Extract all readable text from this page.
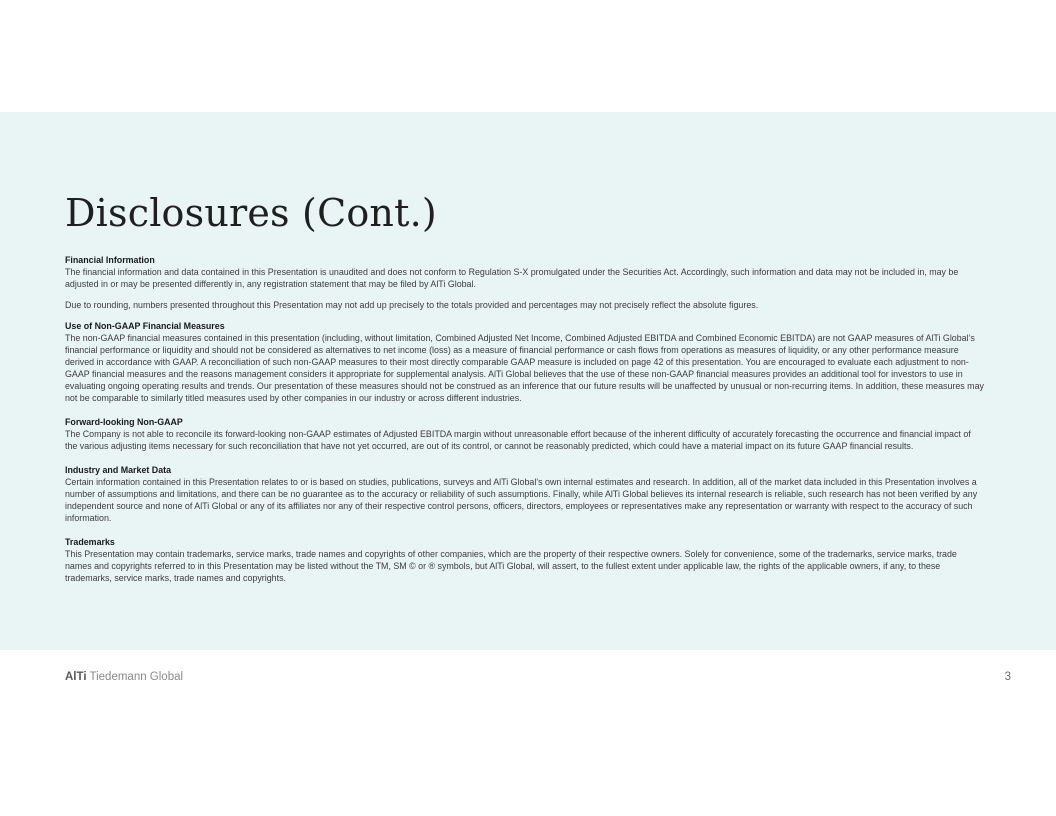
Disclosures (Cont.)

Financial Information

The financial information and data contained in this Presentation is unaudited and does not conform to Regulation S-X promulgated under the Securities Act. Accordingly, such information and data may not be included in, may be adjusted in or may be presented differently in, any registration statement that may be filed by AlTi Global.

Due to rounding, numbers presented throughout this Presentation may not add up precisely to the totals provided and percentages may not precisely reflect the absolute figures.

Use of Non-GAAP Financial Measures

The non-GAAP financial measures contained in this presentation (including, without limitation, Combined Adjusted Net Income, Combined Adjusted EBITDA and Combined Economic EBITDA) are not GAAP measures of AlTi Global’s financial performance or liquidity and should not be considered as alternatives to net income (loss) as a measure of financial performance or cash flows from operations as measures of liquidity, or any other performance measure derived in accordance with GAAP. A reconciliation of such non-GAAP measures to their most directly comparable GAAP measure is included on page 42 of this presentation. You are encouraged to evaluate each adjustment to non-GAAP financial measures and the reasons management considers it appropriate for supplemental analysis. AlTi Global believes that the use of these non-GAAP financial measures provides an additional tool for investors to use in evaluating ongoing operating results and trends. Our presentation of these measures should not be construed as an inference that our future results will be unaffected by unusual or non-recurring items. In addition, these measures may not be comparable to similarly titled measures used by other companies in our industry or across different industries.

Forward-looking Non-GAAP

The Company is not able to reconcile its forward-looking non-GAAP estimates of Adjusted EBITDA margin without unreasonable effort because of the inherent difficulty of accurately forecasting the occurrence and financial impact of the various adjusting items necessary for such reconciliation that have not yet occurred, are out of its control, or cannot be reasonably predicted, which could have a material impact on its future GAAP financial results.

Industry and Market Data

Certain information contained in this Presentation relates to or is based on studies, publications, surveys and AlTi Global’s own internal estimates and research. In addition, all of the market data included in this Presentation involves a number of assumptions and limitations, and there can be no guarantee as to the accuracy or reliability of such assumptions. Finally, while AlTi Global believes its internal research is reliable, such research has not been verified by any independent source and none of AlTi Global or any of its affiliates nor any of their respective control persons, officers, directors, employees or representatives make any representation or warranty with respect to the accuracy of such information.

Trademarks

This Presentation may contain trademarks, service marks, trade names and copyrights of other companies, which are the property of their respective owners. Solely for convenience, some of the trademarks, service marks, trade names and copyrights referred to in this Presentation may be listed without the TM, SM © or ® symbols, but AlTi Global, will assert, to the fullest extent under applicable law, the rights of the applicable owners, if any, to these trademarks, service marks, trade names and copyrights.

AlTi Tiedemann Global	3
